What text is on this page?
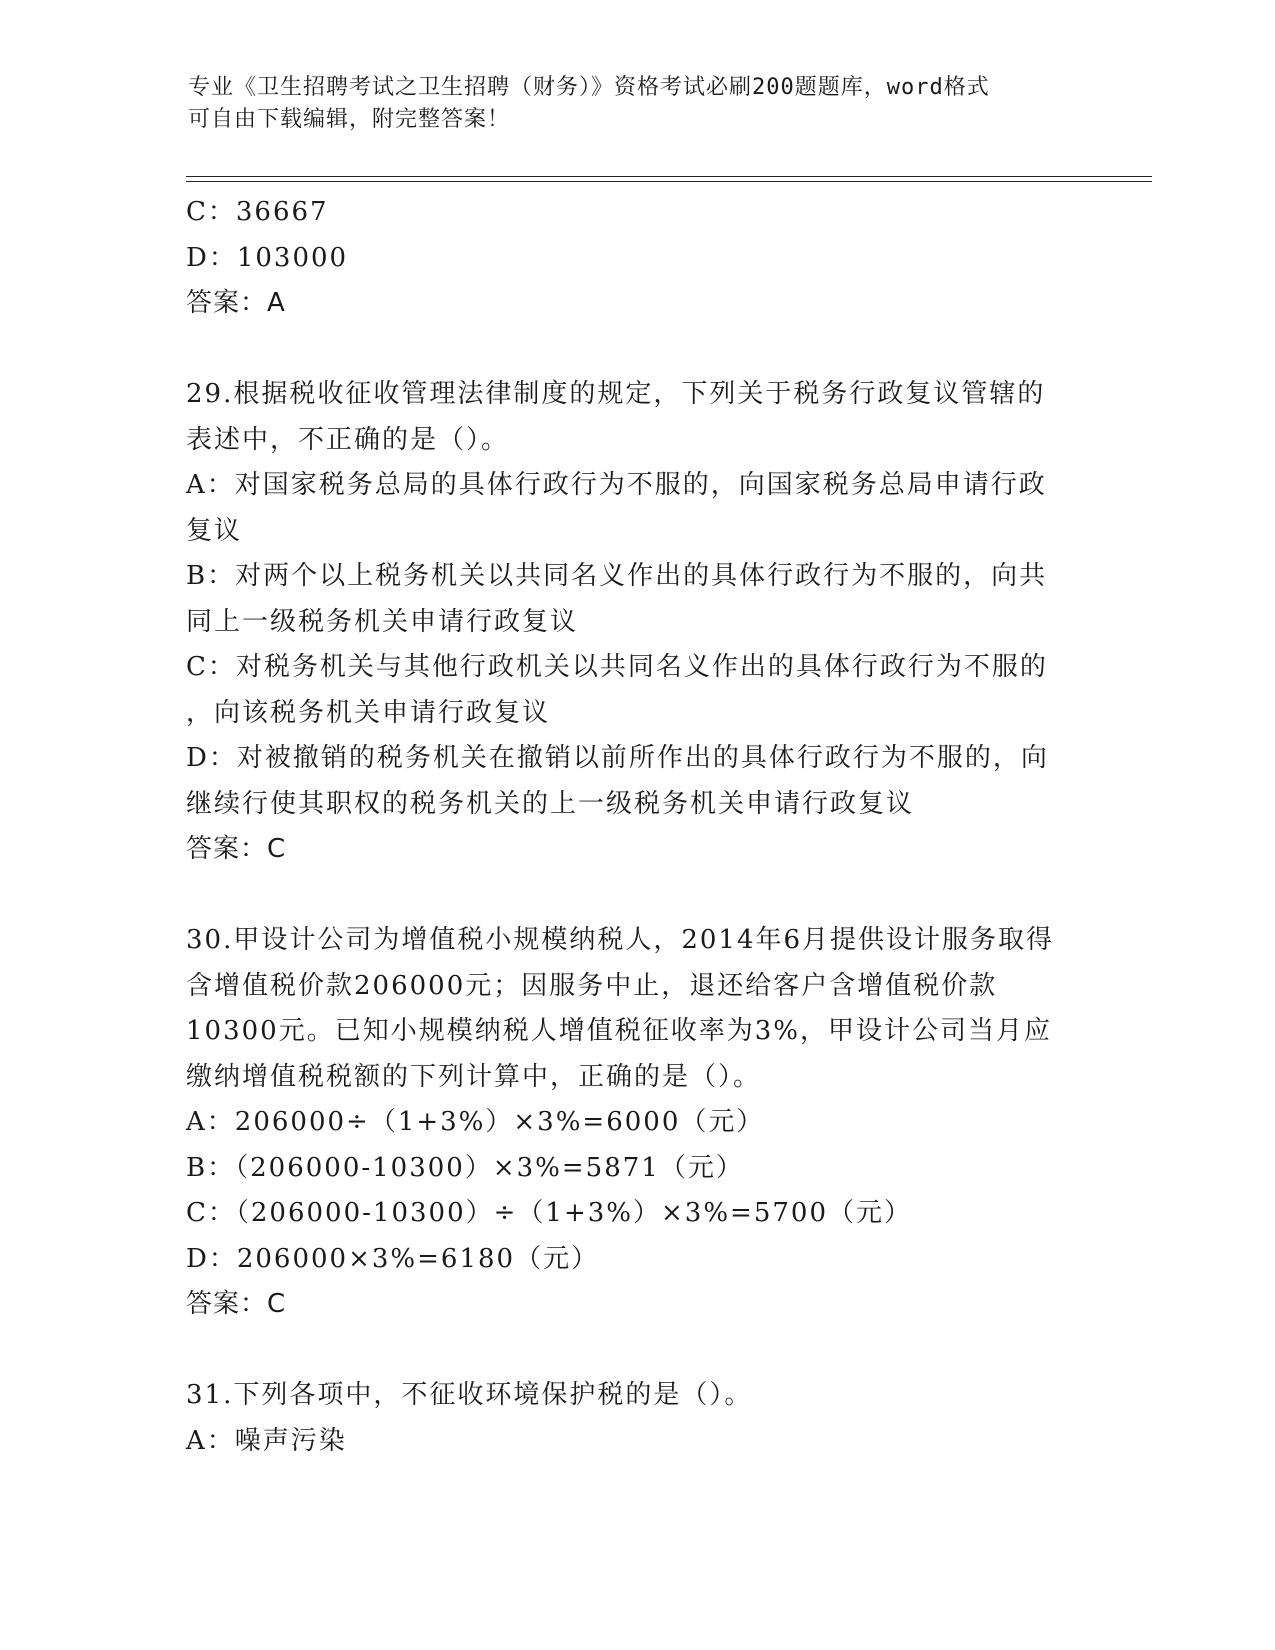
专业《卫生招聘考试之卫生招聘（财务）》资格考试必刷200题题库，word格式
可自由下载编辑，附完整答案！
C：36667
D：103000
答案：A
29.根据税收征收管理法律制度的规定，下列关于税务行政复议管辖的
表述中，不正确的是（）。
A：对国家税务总局的具体行政行为不服的，向国家税务总局申请行政
复议
B：对两个以上税务机关以共同名义作出的具体行政行为不服的，向共
同上一级税务机关申请行政复议
C：对税务机关与其他行政机关以共同名义作出的具体行政行为不服的
，向该税务机关申请行政复议
D：对被撤销的税务机关在撤销以前所作出的具体行政行为不服的，向
继续行使其职权的税务机关的上一级税务机关申请行政复议
答案：C
30.甲设计公司为增值税小规模纳税人，2014年6月提供设计服务取得
含增值税价款206000元；因服务中止，退还给客户含增值税价款
10300元。已知小规模纳税人增值税征收率为3%，甲设计公司当月应
缴纳增值税税额的下列计算中，正确的是（）。
A：206000÷（1+3%）×3%=6000（元）
B：（206000-10300）×3%=5871（元）
C：（206000-10300）÷（1+3%）×3%=5700（元）
D：206000×3%=6180（元）
答案：C
31.下列各项中，不征收环境保护税的是（）。
A：噪声污染
